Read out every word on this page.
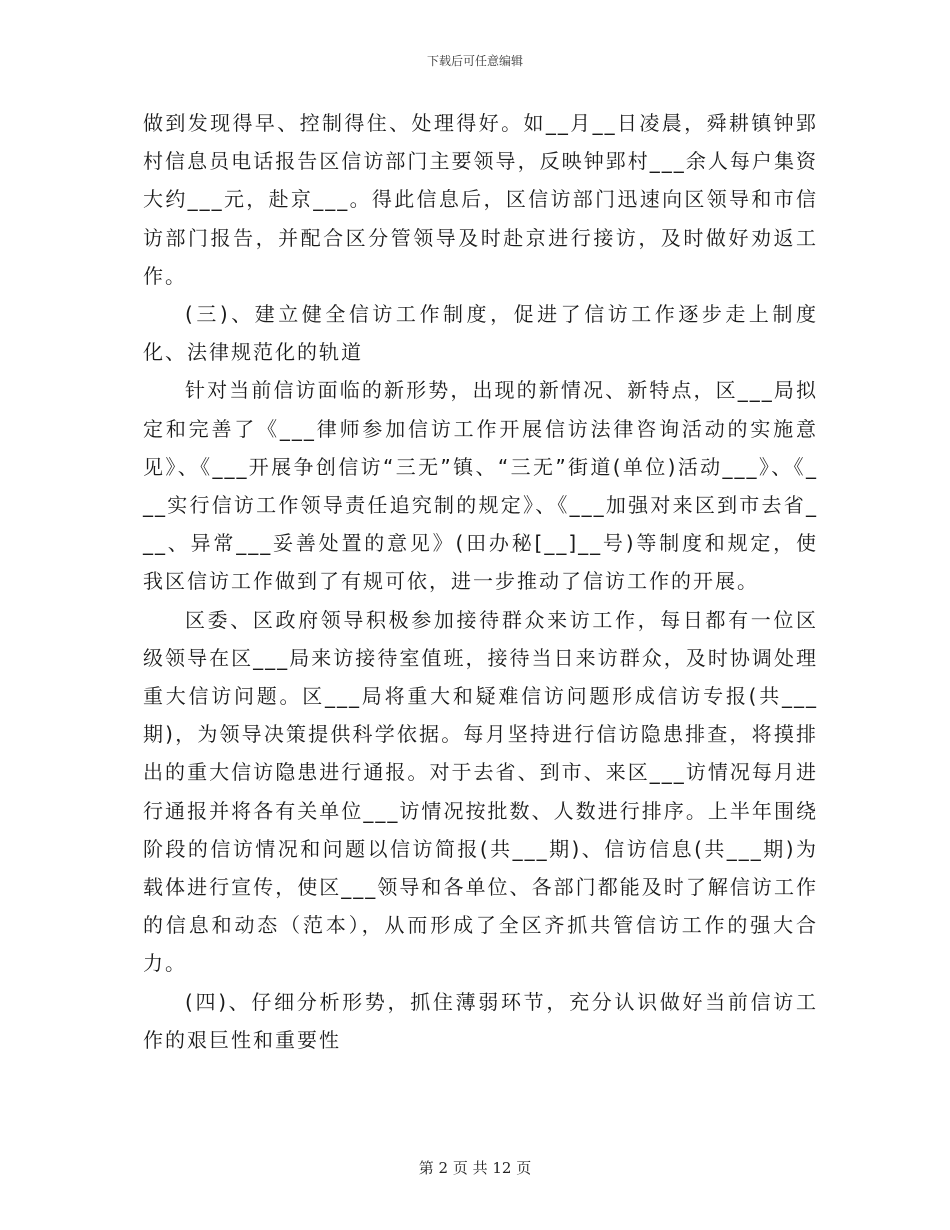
下载后可任意编辑

做到发现得早、控制得住、处理得好。如__月__日凌晨，舜耕镇钟郢村信息员电话报告区信访部门主要领导，反映钟郢村___余人每户集资大约___元，赴京___。得此信息后，区信访部门迅速向区领导和市信访部门报告，并配合区分管领导及时赴京进行接访，及时做好劝返工作。

(三)、建立健全信访工作制度，促进了信访工作逐步走上制度化、法律规范化的轨道

针对当前信访面临的新形势，出现的新情况、新特点，区___局拟定和完善了《___律师参加信访工作开展信访法律咨询活动的实施意见》、《___开展争创信访“三无”镇、“三无”街道(单位)活动___》、《___实行信访工作领导责任追究制的规定》、《___加强对来区到市去省___、异常___妥善处置的意见》(田办秘[__]__号)等制度和规定，使我区信访工作做到了有规可依，进一步推动了信访工作的开展。

区委、区政府领导积极参加接待群众来访工作，每日都有一位区级领导在区___局来访接待室值班，接待当日来访群众，及时协调处理重大信访问题。区___局将重大和疑难信访问题形成信访专报(共___期)，为领导决策提供科学依据。每月坚持进行信访隐患排查，将摸排出的重大信访隐患进行通报。对于去省、到市、来区___访情况每月进行通报并将各有关单位___访情况按批数、人数进行排序。上半年围绕阶段的信访情况和问题以信访简报(共___期)、信访信息(共___期)为载体进行宣传，使区___领导和各单位、各部门都能及时了解信访工作的信息和动态（范本），从而形成了全区齐抓共管信访工作的强大合力。

(四)、仔细分析形势，抓住薄弱环节，充分认识做好当前信访工作的艰巨性和重要性

第 2 页 共 12 页
